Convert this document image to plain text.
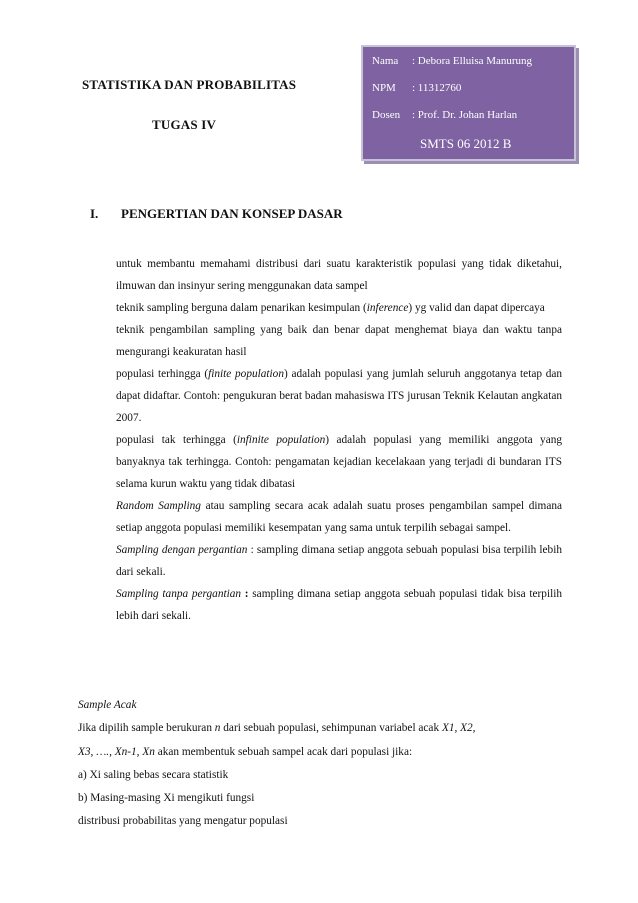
STATISTIKA DAN PROBABILITAS
TUGAS IV
Nama : Debora Elluisa Manurung
NPM : 11312760
Dosen : Prof. Dr. Johan Harlan
SMTS 06 2012 B
I. PENGERTIAN DAN KONSEP DASAR
untuk membantu memahami distribusi dari suatu karakteristik populasi yang tidak diketahui, ilmuwan dan insinyur sering menggunakan data sampel
teknik sampling berguna dalam penarikan kesimpulan (inference) yg valid dan dapat dipercaya
teknik pengambilan sampling yang baik dan benar dapat menghemat biaya dan waktu tanpa mengurangi keakuratan hasil
populasi terhingga (finite population) adalah populasi yang jumlah seluruh anggotanya tetap dan dapat didaftar. Contoh: pengukuran berat badan mahasiswa ITS jurusan Teknik Kelautan angkatan 2007.
populasi tak terhingga (infinite population) adalah populasi yang memiliki anggota yang banyaknya tak terhingga. Contoh: pengamatan kejadian kecelakaan yang terjadi di bundaran ITS selama kurun waktu yang tidak dibatasi
Random Sampling atau sampling secara acak adalah suatu proses pengambilan sampel dimana setiap anggota populasi memiliki kesempatan yang sama untuk terpilih sebagai sampel.
Sampling dengan pergantian : sampling dimana setiap anggota sebuah populasi bisa terpilih lebih dari sekali.
Sampling tanpa pergantian : sampling dimana setiap anggota sebuah populasi tidak bisa terpilih lebih dari sekali.

Sample Acak

Jika dipilih sample berukuran n dari sebuah populasi, sehimpunan variabel acak X1, X2,

X3, …., Xn-1, Xn akan membentuk sebuah sampel acak dari populasi jika:

a) Xi saling bebas secara statistik

b) Masing-masing Xi mengikuti fungsi

distribusi probabilitas yang mengatur populasi
